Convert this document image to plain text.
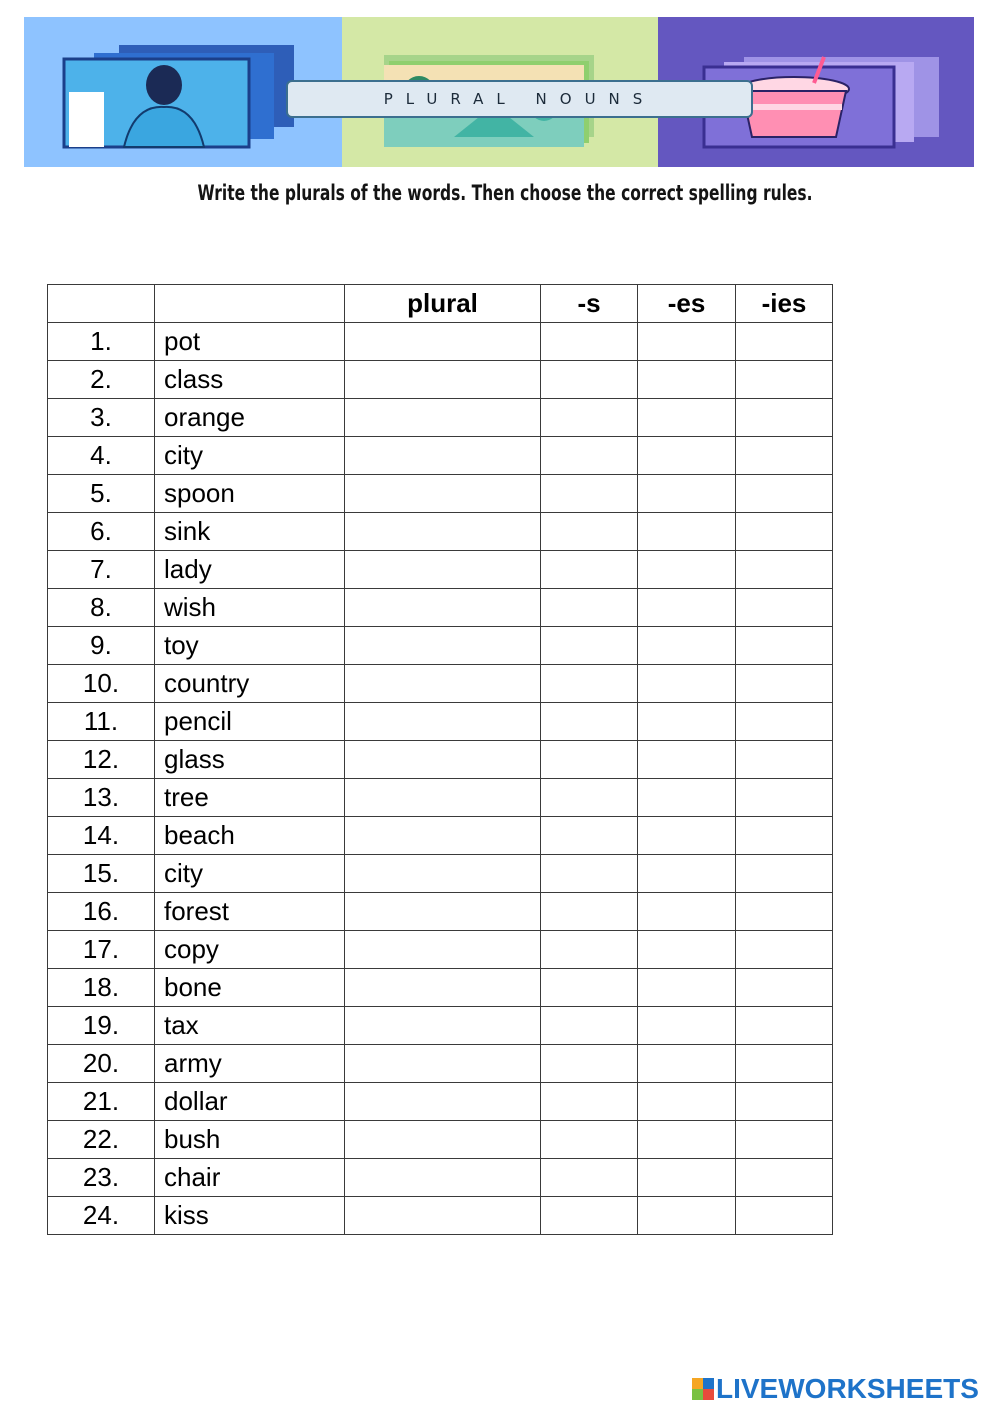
PLURAL NOUNS
Write the plurals of the words. Then choose the correct spelling rules.
		plural	-s	-es	-ies
1.	pot				
2.	class				
3.	orange				
4.	city				
5.	spoon				
6.	sink				
7.	lady				
8.	wish				
9.	toy				
10.	country				
11.	pencil				
12.	glass				
13.	tree				
14.	beach				
15.	city				
16.	forest				
17.	copy				
18.	bone				
19.	tax				
20.	army				
21.	dollar				
22.	bush				
23.	chair				
24.	kiss				
LIVEWORKSHEETS
